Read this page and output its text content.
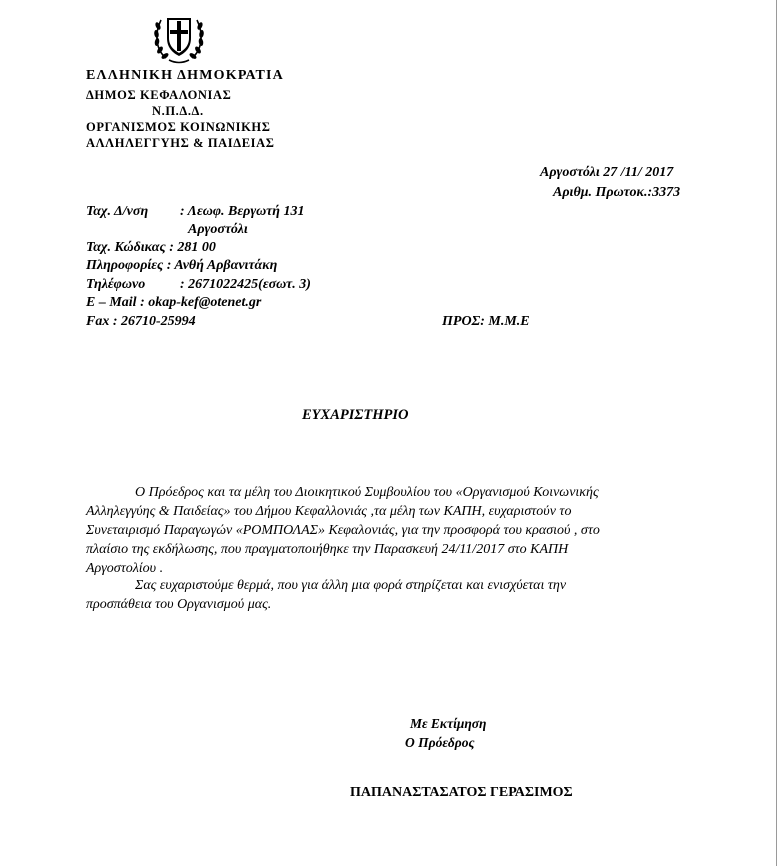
ΕΛΛΗΝΙΚΗ ΔΗΜΟΚΡΑΤΙΑ
ΔΗΜΟΣ ΚΕΦΑΛΟΝΙΑΣ
Ν.Π.Δ.Δ.
ΟΡΓΑΝΙΣΜΟΣ ΚΟΙΝΩΝΙΚΗΣ
ΑΛΛΗΛΕΓΓΥΗΣ & ΠΑΙΔΕΙΑΣ
Αργοστόλι 27 /11/ 2017
Αριθμ. Πρωτοκ.:3373
Ταχ. Δ/νση : Λεωφ. Βεργωτή 131
Αργοστόλι
Ταχ. Κώδικας : 281 00
Πληροφορίες : Ανθή Αρβανιτάκη
Τηλέφωνο : 2671022425(εσωτ. 3)
E – Mail : okap-kef@otenet.gr
Fax : 26710-25994	ΠΡΟΣ: Μ.Μ.Ε
ΕΥΧΑΡΙΣΤΗΡΙΟ
Ο Πρόεδρος και τα μέλη του Διοικητικού Συμβουλίου του «Οργανισμού Κοινωνικής
Αλληλεγγύης & Παιδείας» του Δήμου Κεφαλλονιάς ,τα μέλη των ΚΑΠΗ, ευχαριστούν το
Συνεταιρισμό Παραγωγών «ΡΟΜΠΟΛΑΣ» Κεφαλονιάς, για την προσφορά του κρασιού , στο
πλαίσιο της εκδήλωσης, που πραγματοποιήθηκε την Παρασκευή 24/11/2017 στο ΚΑΠΗ
Αργοστολίου .
Σας ευχαριστούμε θερμά, που για άλλη μια φορά στηρίζεται και ενισχύεται την
προσπάθεια του Οργανισμού μας.
Με Εκτίμηση
Ο Πρόεδρος
ΠΑΠΑΝΑΣΤΑΣΑΤΟΣ ΓΕΡΑΣΙΜΟΣ
